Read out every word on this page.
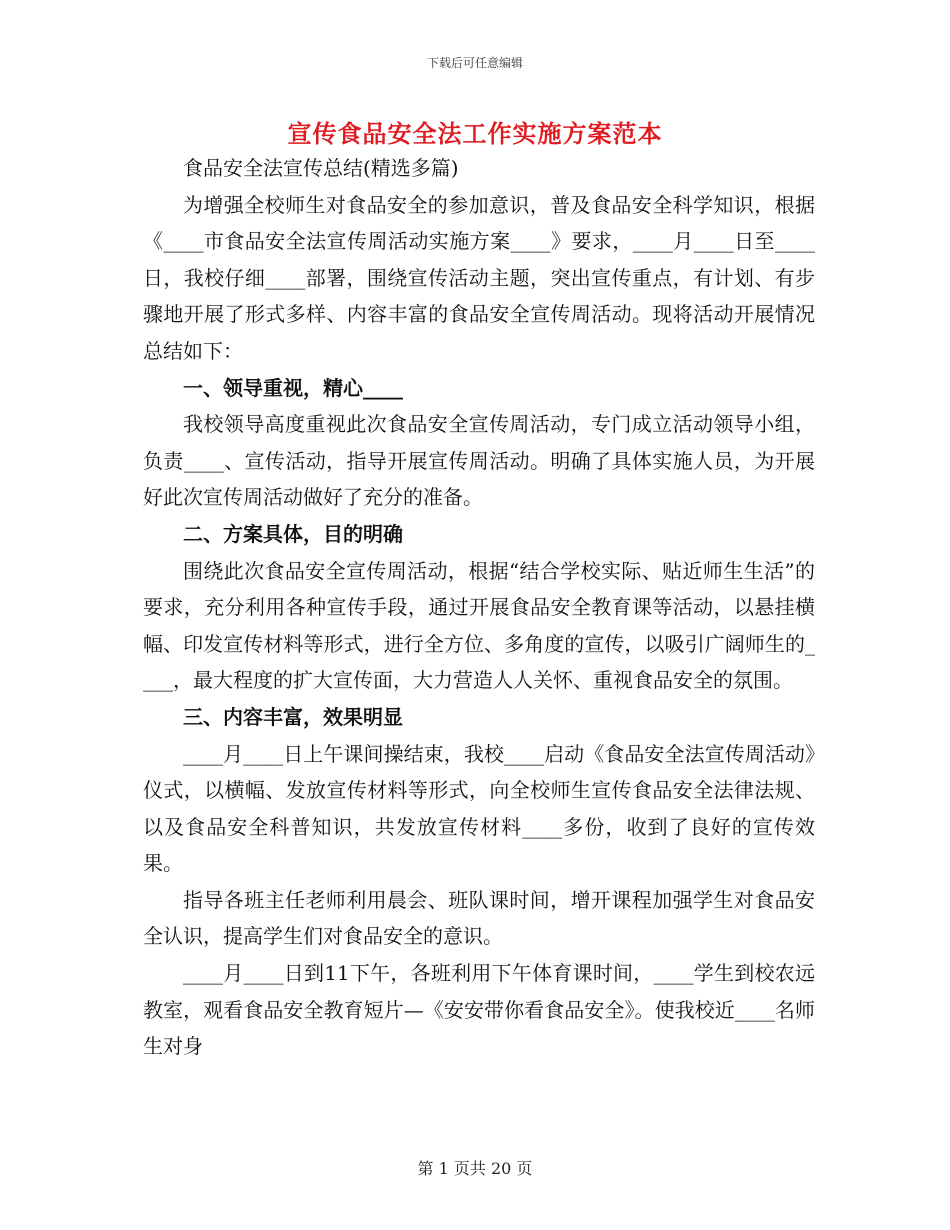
下载后可任意编辑
宣传食品安全法工作实施方案范本

食品安全法宣传总结(精选多篇)

为增强全校师生对食品安全的参加意识，普及食品安全科学知识，根据《____市食品安全法宣传周活动实施方案____》要求，____月____日至____日，我校仔细____部署，围绕宣传活动主题，突出宣传重点，有计划、有步骤地开展了形式多样、内容丰富的食品安全宣传周活动。现将活动开展情况总结如下：

一、领导重视，精心____

我校领导高度重视此次食品安全宣传周活动，专门成立活动领导小组，负责____、宣传活动，指导开展宣传周活动。明确了具体实施人员，为开展好此次宣传周活动做好了充分的准备。

二、方案具体，目的明确

围绕此次食品安全宣传周活动，根据“结合学校实际、贴近师生生活”的要求，充分利用各种宣传手段，通过开展食品安全教育课等活动，以悬挂横幅、印发宣传材料等形式，进行全方位、多角度的宣传，以吸引广阔师生的____，最大程度的扩大宣传面，大力营造人人关怀、重视食品安全的氛围。

三、内容丰富，效果明显

____月____日上午课间操结束，我校____启动《食品安全法宣传周活动》仪式，以横幅、发放宣传材料等形式，向全校师生宣传食品安全法律法规、以及食品安全科普知识，共发放宣传材料____多份，收到了良好的宣传效果。

指导各班主任老师利用晨会、班队课时间，增开课程加强学生对食品安全认识，提高学生们对食品安全的意识。

____月____日到11下午，各班利用下午体育课时间，____学生到校农远教室，观看食品安全教育短片—《安安带你看食品安全》。使我校近____名师生对身

第 1 页共 20 页
